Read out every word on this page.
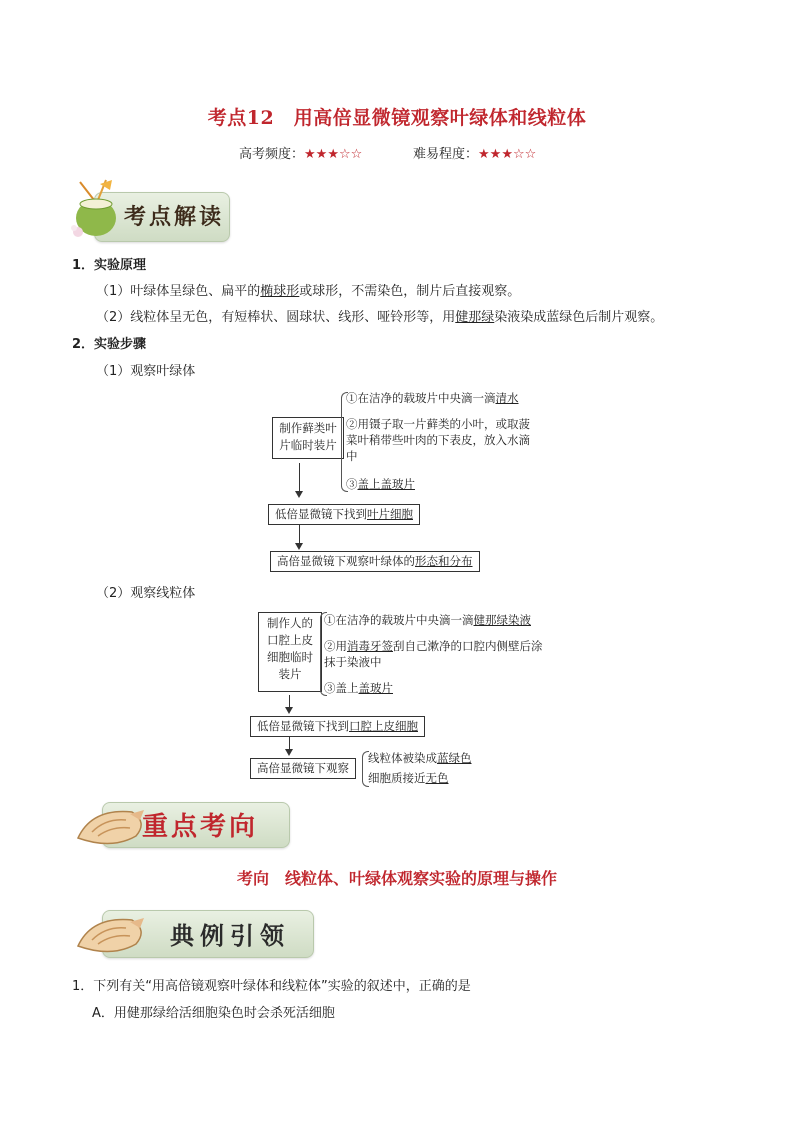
考点12　用高倍显微镜观察叶绿体和线粒体
高考频度：★★★☆☆	难易程度：★★★☆☆
考点解读
1．实验原理
（1）叶绿体呈绿色、扁平的椭球形或球形，不需染色，制片后直接观察。
（2）线粒体呈无色，有短棒状、圆球状、线形、哑铃形等，用健那绿染液染成蓝绿色后制片观察。
2．实验步骤
（1）观察叶绿体
制作藓类叶片临时装片
①在洁净的载玻片中央滴一滴清水
②用镊子取一片藓类的小叶，或取菠菜叶稍带些叶肉的下表皮，放入水滴中
③盖上盖玻片
低倍显微镜下找到叶片细胞
高倍显微镜下观察叶绿体的形态和分布
（2）观察线粒体
制作人的口腔上皮细胞临时装片
①在洁净的载玻片中央滴一滴健那绿染液
②用消毒牙签刮自己漱净的口腔内侧壁后涂抹于染液中
③盖上盖玻片
低倍显微镜下找到口腔上皮细胞
高倍显微镜下观察
线粒体被染成蓝绿色
细胞质接近无色
重点考向
考向　线粒体、叶绿体观察实验的原理与操作
典例引领
1．下列有关“用高倍镜观察叶绿体和线粒体”实验的叙述中，正确的是
A．用健那绿给活细胞染色时会杀死活细胞
